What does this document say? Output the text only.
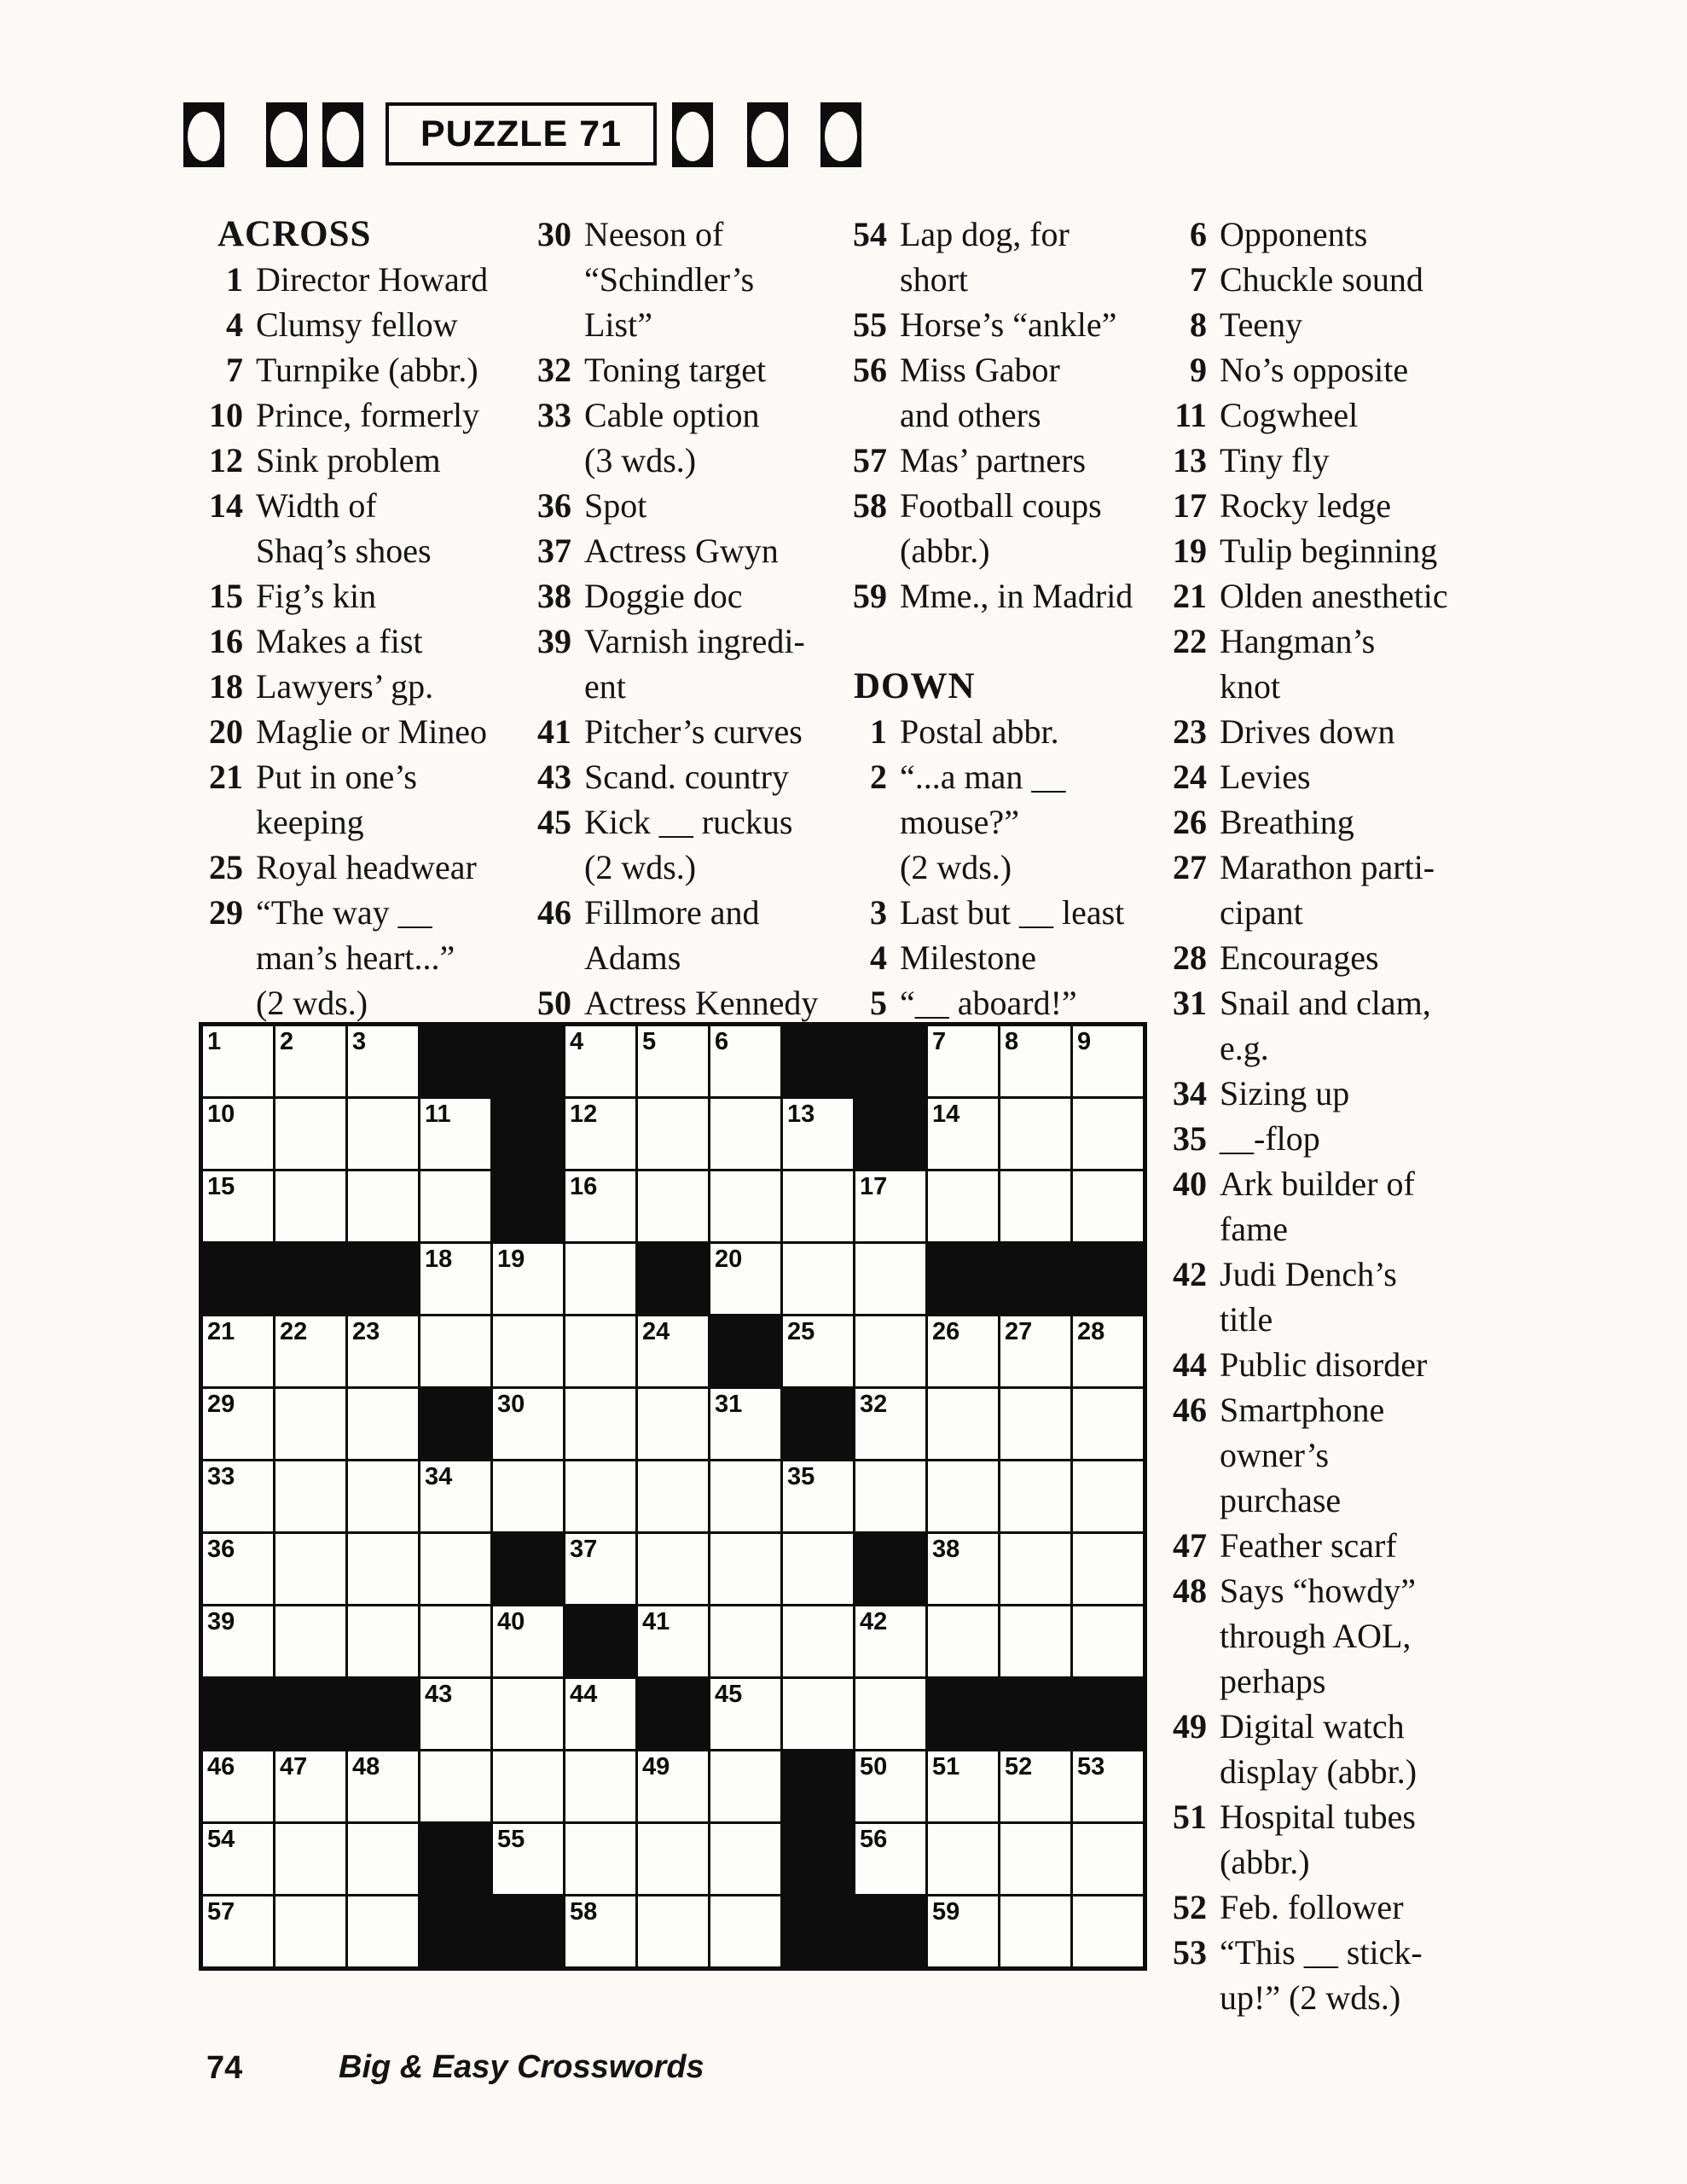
PUZZLE 71
ACROSS
1 Director Howard
4 Clumsy fellow
7 Turnpike (abbr.)
10 Prince, formerly
12 Sink problem
14 Width of
Shaq’s shoes
15 Fig’s kin
16 Makes a fist
18 Lawyers’ gp.
20 Maglie or Mineo
21 Put in one’s
keeping
25 Royal headwear
29 “The way __
man’s heart...”
(2 wds.)
30 Neeson of
“Schindler’s
List”
32 Toning target
33 Cable option
(3 wds.)
36 Spot
37 Actress Gwyn
38 Doggie doc
39 Varnish ingredi-
ent
41 Pitcher’s curves
43 Scand. country
45 Kick __ ruckus
(2 wds.)
46 Fillmore and
Adams
50 Actress Kennedy
54 Lap dog, for
short
55 Horse’s “ankle”
56 Miss Gabor
and others
57 Mas’ partners
58 Football coups
(abbr.)
59 Mme., in Madrid
DOWN
1 Postal abbr.
2 “...a man __
mouse?”
(2 wds.)
3 Last but __ least
4 Milestone
5 “__ aboard!”
6 Opponents
7 Chuckle sound
8 Teeny
9 No’s opposite
11 Cogwheel
13 Tiny fly
17 Rocky ledge
19 Tulip beginning
21 Olden anesthetic
22 Hangman’s
knot
23 Drives down
24 Levies
26 Breathing
27 Marathon parti-
cipant
28 Encourages
31 Snail and clam,
e.g.
34 Sizing up
35 __-flop
40 Ark builder of
fame
42 Judi Dench’s
title
44 Public disorder
46 Smartphone
owner’s
purchase
47 Feather scarf
48 Says “howdy”
through AOL,
perhaps
49 Digital watch
display (abbr.)
51 Hospital tubes
(abbr.)
52 Feb. follower
53 “This __ stick-
up!” (2 wds.)
1 2 3	4 5 6	7 8 9
10	11	12	13	14
15	16	17
18 19	20
21 22 23	24	25	26 27 28
29	30	31	32
33	34	35
36	37	38
39	40	41	42
43	44	45
46 47 48	49	50 51 52 53
54	55	56
57	58	59
74	Big & Easy Crosswords
